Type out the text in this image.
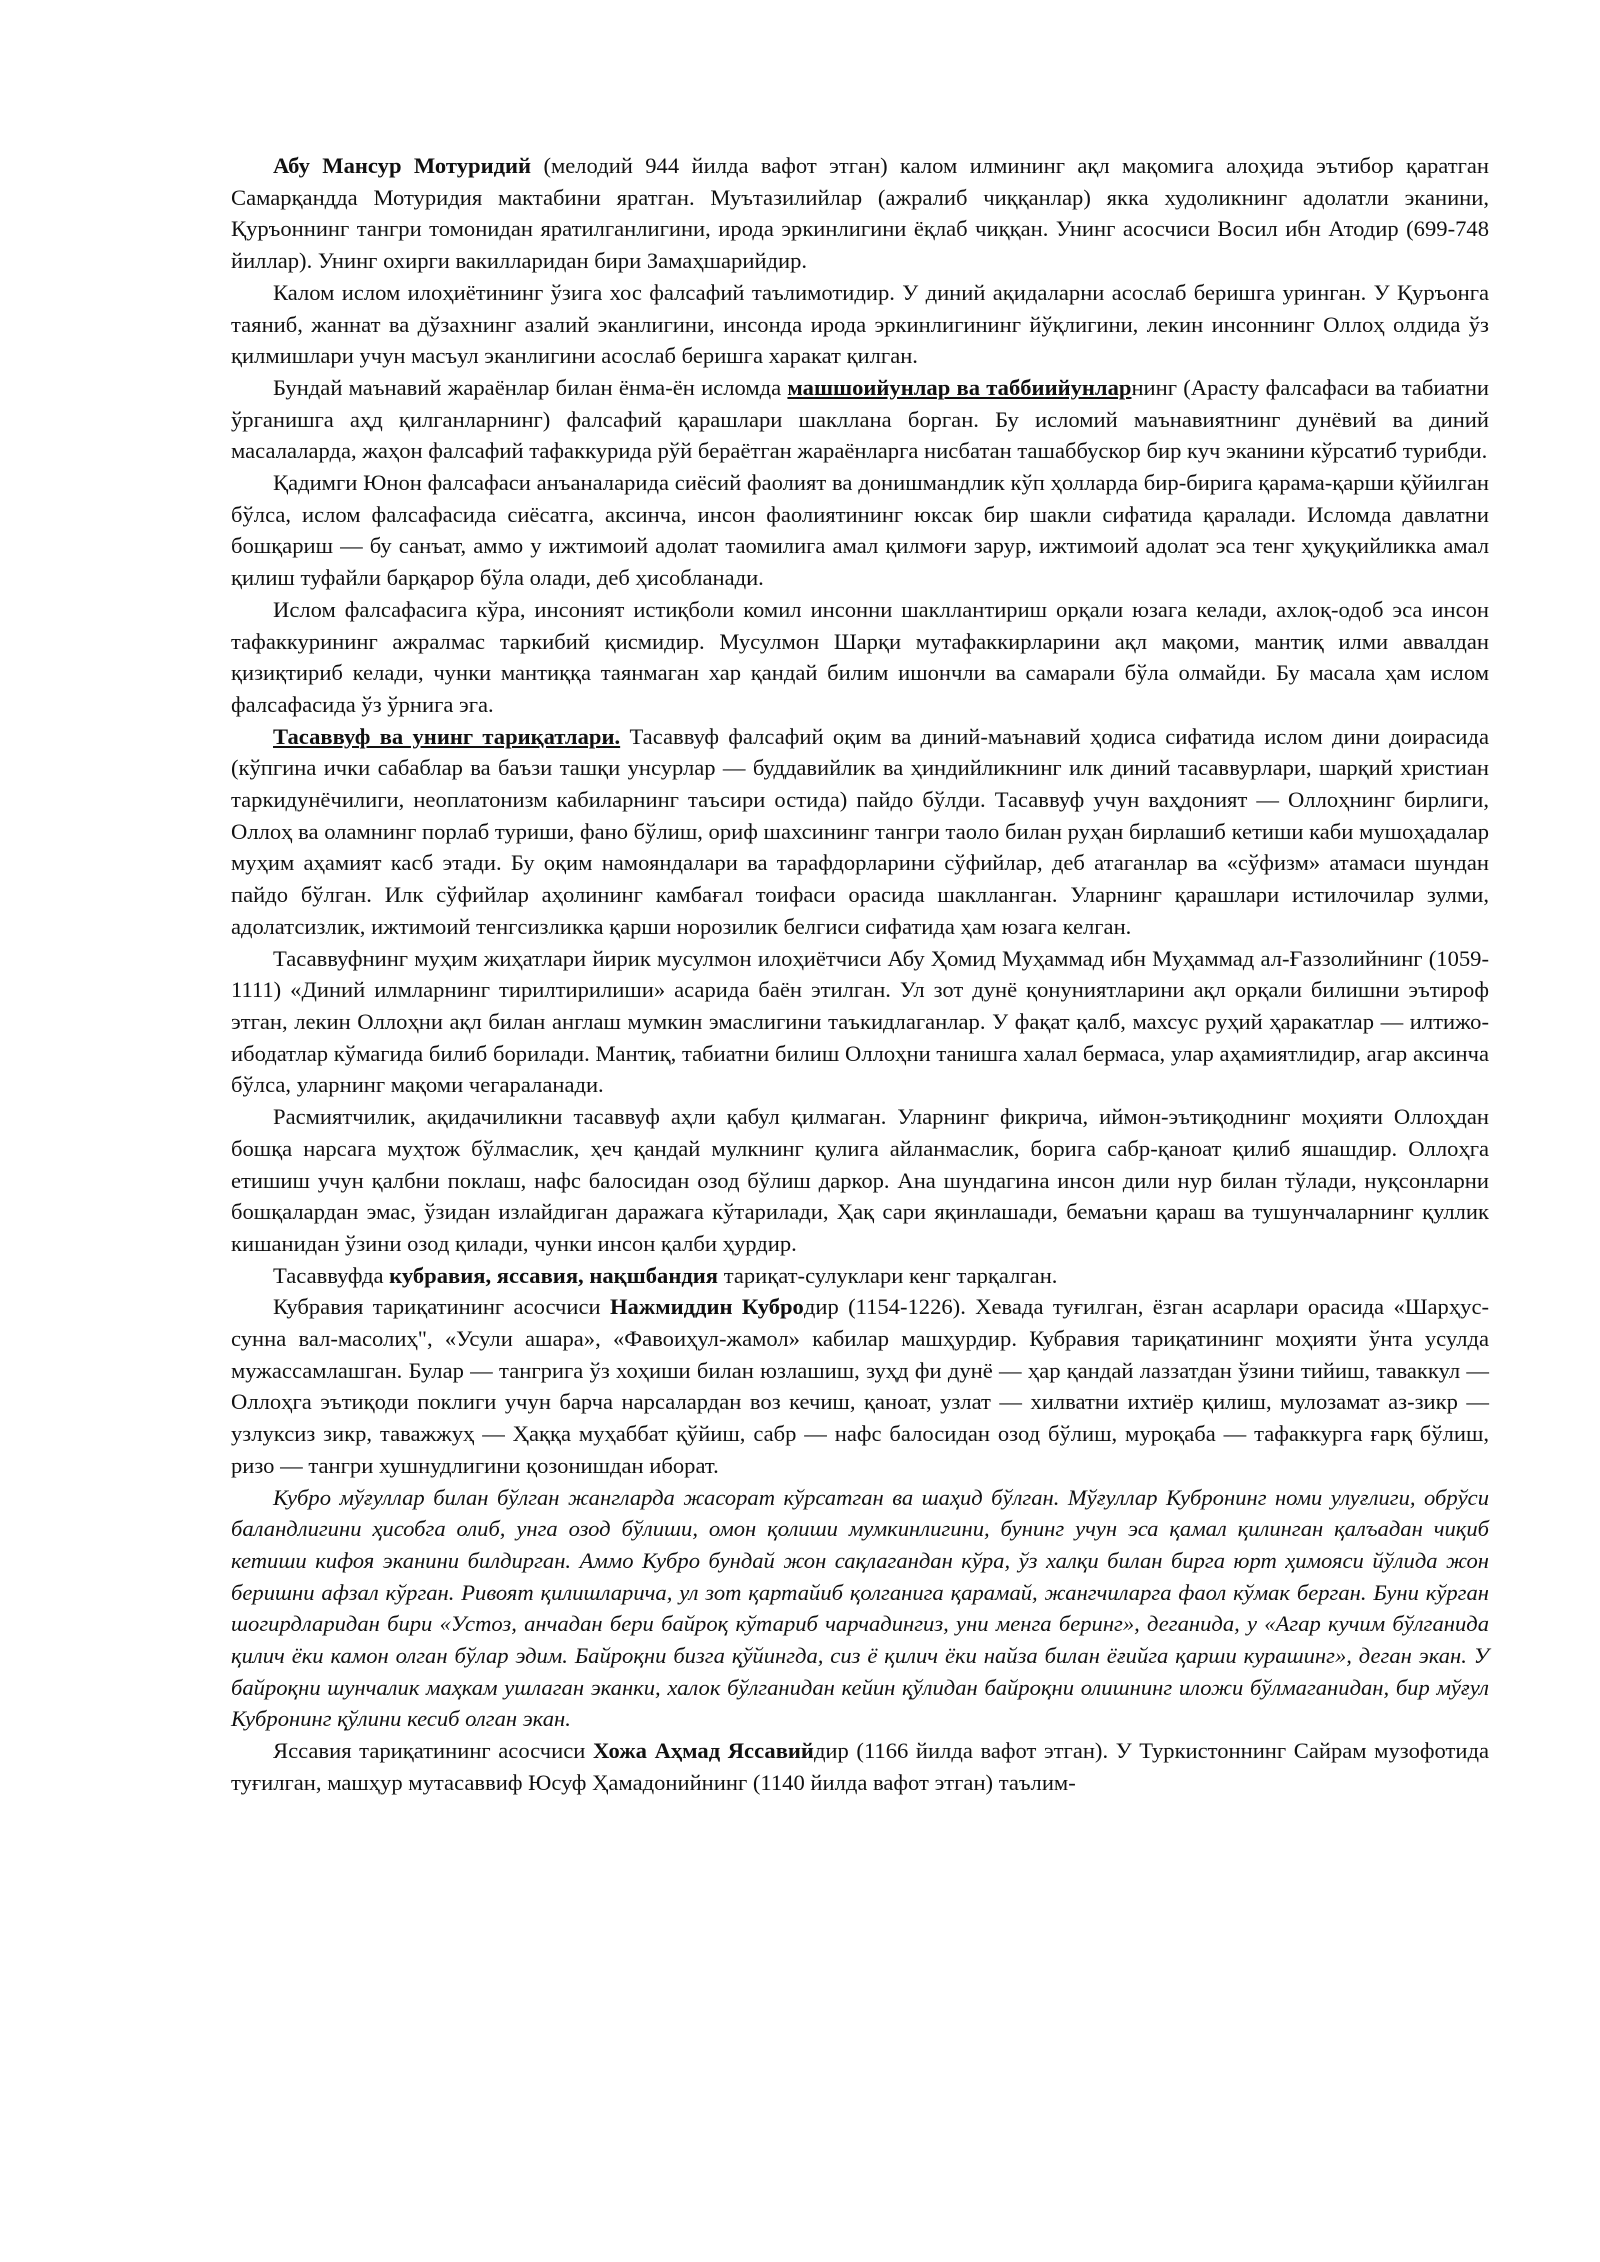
Абу Мансур Мотуридий (мелодий 944 йилда вафот этган) калом илмининг ақл мақомига алоҳида эътибор қаратган Самарқандда Мотуридия мактабини яратган. Муътазилийлар (ажралиб чиққанлар) якка худоликнинг адолатли эканини, Қуръоннинг тангри томонидан яратилганлигини, ирода эркинлигини ёқлаб чиққан. Унинг асосчиси Восил ибн Атодир (699-748 йиллар). Унинг охирги вакилларидан бири Замаҳшарийдир.

Калом ислом илоҳиётининг ўзига хос фалсафий таълимотидир. У диний ақидаларни асослаб беришга уринган. У Қуръонга таяниб, жаннат ва дўзахнинг азалий эканлигини, инсонда ирода эркинлигининг йўқлигини, лекин инсоннинг Оллоҳ олдида ўз қилмишлари учун масъул эканлигини асослаб беришга харакат қилган.

Бундай маънавий жараёнлар билан ёнма-ён исломда машшоийунлар ва таббиийунларнинг (Арасту фалсафаси ва табиатни ўрганишга аҳд қилганларнинг) фалсафий қарашлари шакллана борган. Бу исломий маънавиятнинг дунёвий ва диний масалаларда, жаҳон фалсафий тафаккурида рўй бераётган жараёнларга нисбатан ташаббускор бир куч эканини кўрсатиб турибди.

Қадимги Юнон фалсафаси анъаналарида сиёсий фаолият ва донишмандлик кўп ҳолларда бир-бирига қарама-қарши қўйилган бўлса, ислом фалсафасида сиёсатга, аксинча, инсон фаолиятининг юксак бир шакли сифатида қаралади. Исломда давлатни бошқариш — бу санъат, аммо у ижтимоий адолат таомилига амал қилмоғи зарур, ижтимоий адолат эса тенг ҳуқуқийликка амал қилиш туфайли барқарор бўла олади, деб ҳисобланади.

Ислом фалсафасига кўра, инсоният истиқболи комил инсонни шакллантириш орқали юзага келади, ахлоқ-одоб эса инсон тафаккурининг ажралмас таркибий қисмидир. Мусулмон Шарқи мутафаккирларини ақл мақоми, мантиқ илми аввалдан қизиқтириб келади, чунки мантиққа таянмаган хар қандай билим ишончли ва самарали бўла олмайди. Бу масала ҳам ислом фалсафасида ўз ўрнига эга.

Тасаввуф ва унинг тариқатлари. Тасаввуф фалсафий оқим ва диний-маънавий ҳодиса сифатида ислом дини доирасида (кўпгина ички сабаблар ва баъзи ташқи унсурлар — буддавийлик ва ҳиндийликнинг илк диний тасаввурлари, шарқий христиан таркидунёчилиги, неоплатонизм кабиларнинг таъсири остида) пайдо бўлди. Тасаввуф учун ваҳдоният — Оллоҳнинг бирлиги, Оллоҳ ва оламнинг порлаб туриши, фано бўлиш, ориф шахсининг тангри таоло билан руҳан бирлашиб кетиши каби мушоҳадалар муҳим аҳамият касб этади. Бу оқим намояндалари ва тарафдорларини сўфийлар, деб атаганлар ва «сўфизм» атамаси шундан пайдо бўлган. Илк сўфийлар аҳолининг камбағал тоифаси орасида шаклланган. Уларнинг қарашлари истилочилар зулми, адолатсизлик, ижтимоий тенгсизликка қарши норозилик белгиси сифатида ҳам юзага келган.

Тасаввуфнинг муҳим жиҳатлари йирик мусулмон илоҳиётчиси Абу Ҳомид Муҳаммад ибн Муҳаммад ал-Ғаззолийнинг (1059-1111) «Диний илмларнинг тирилтирилиши» асарида баён этилган. Ул зот дунё қонуниятларини ақл орқали билишни эътироф этган, лекин Оллоҳни ақл билан англаш мумкин эмаслигини таъкидлаганлар. У фақат қалб, махсус руҳий ҳаракатлар — илтижо-ибодатлар кўмагида билиб борилади. Мантиқ, табиатни билиш Оллоҳни танишга халал бермаса, улар аҳамиятлидир, агар аксинча бўлса, уларнинг мақоми чегараланади.

Расмиятчилик, ақидачиликни тасаввуф аҳли қабул қилмаган. Уларнинг фикрича, иймон-эътиқоднинг моҳияти Оллоҳдан бошқа нарсага муҳтож бўлмаслик, ҳеч қандай мулкнинг қулига айланмаслик, борига сабр-қаноат қилиб яшашдир. Оллоҳга етишиш учун қалбни поклаш, нафс балосидан озод бўлиш даркор. Ана шундагина инсон дили нур билан тўлади, нуқсонларни бошқалардан эмас, ўзидан излайдиган даражага кўтарилади, Ҳақ сари яқинлашади, бемаъни қараш ва тушунчаларнинг қуллик кишанидан ўзини озод қилади, чунки инсон қалби ҳурдир.

Тасаввуфда кубравия, яссавия, нақшбандия тариқат-сулуклари кенг тарқалган.

Кубравия тариқатининг асосчиси Нажмиддин Кубродир (1154-1226). Хевада туғилган, ёзган асарлари орасида «Шарҳус-сунна вал-масолиҳ", «Усули ашара», «Фавоиҳул-жамол» кабилар машҳурдир. Кубравия тариқатининг моҳияти ўнта усулда мужассамлашган. Булар — тангрига ўз хоҳиши билан юзлашиш, зуҳд фи дунё — ҳар қандай лаззатдан ўзини тийиш, таваккул — Оллоҳга эътиқоди поклиги учун барча нарсалардан воз кечиш, қаноат, узлат — хилватни ихтиёр қилиш, мулозамат аз-зикр — узлуксиз зикр, таважжуҳ — Ҳаққа муҳаббат қўйиш, сабр — нафс балосидан озод бўлиш, муроқаба — тафаккурга ғарқ бўлиш, ризо — тангри хушнудлигини қозонишдан иборат.

Кубро мўғуллар билан бўлган жангларда жасорат кўрсатган ва шаҳид бўлган. Мўғуллар Кубронинг номи улуғлиги, обрўси баландлигини ҳисобга олиб, унга озод бўлиши, омон қолиши мумкинлигини, бунинг учун эса қамал қилинган қалъадан чиқиб кетиши кифоя эканини билдирган. Аммо Кубро бундай жон сақлагандан кўра, ўз халқи билан бирга юрт ҳимояси йўлида жон беришни афзал кўрган. Ривоят қилишларича, ул зот қартайиб қолганига қарамай, жангчиларга фаол кўмак берган. Буни кўрган шогирдларидан бири «Устоз, анчадан бери байроқ кўтариб чарчадингиз, уни менга беринг», деганида, у «Агар кучим бўлганида қилич ёки камон олган бўлар эдим. Байроқни бизга қўйингда, сиз ё қилич ёки найза билан ёғийга қарши курашинг», деган экан. У байроқни шунчалик маҳкам ушлаган эканки, халок бўлганидан кейин қўлидан байроқни олишнинг иложи бўлмаганидан, бир мўғул Кубронинг қўлини кесиб олган экан.

Яссавия тариқатининг асосчиси Хожа Аҳмад Яссавийдир (1166 йилда вафот этган). У Туркистоннинг Сайрам музофотида туғилган, машҳур мутасаввиф Юсуф Ҳамадонийнинг (1140 йилда вафот этган) таълим-
